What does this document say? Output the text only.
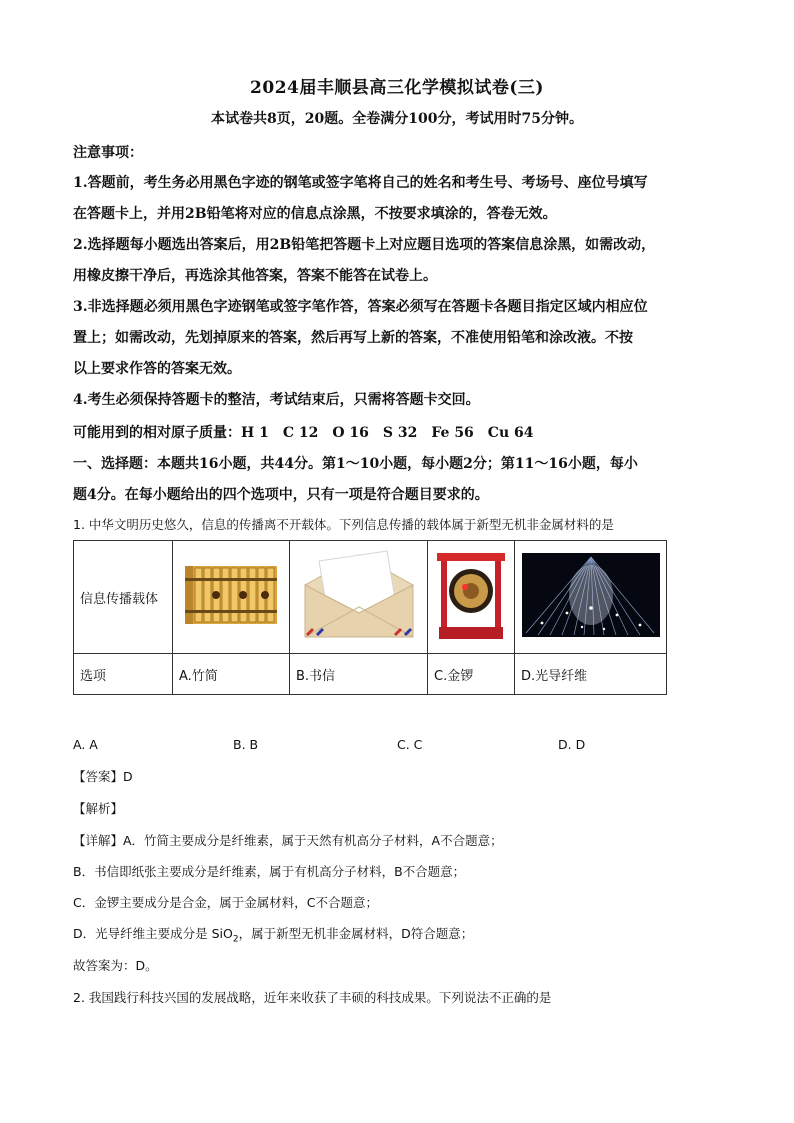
2024届丰顺县高三化学模拟试卷(三)
本试卷共8页，20题。全卷满分100分，考试用时75分钟。
注意事项：
1.答题前，考生务必用黑色字迹的钢笔或签字笔将自己的姓名和考生号、考场号、座位号填写
在答题卡上，并用2B铅笔将对应的信息点涂黑，不按要求填涂的，答卷无效。
2.选择题每小题选出答案后，用2B铅笔把答题卡上对应题目选项的答案信息涂黑，如需改动，
用橡皮擦干净后，再选涂其他答案，答案不能答在试卷上。
3.非选择题必须用黑色字迹钢笔或签字笔作答，答案必须写在答题卡各题目指定区域内相应位
置上；如需改动，先划掉原来的答案，然后再写上新的答案，不准使用铅笔和涂改液。不按
以上要求作答的答案无效。
4.考生必须保持答题卡的整洁，考试结束后，只需将答题卡交回。
可能用到的相对原子质量：H 1　C 12　O 16　S 32　Fe 56　Cu 64
一、选择题：本题共16小题，共44分。第1～10小题，每小题2分；第11～16小题，每小
题4分。在每小题给出的四个选项中，只有一项是符合题目要求的。
1. 中华文明历史悠久，信息的传播离不开载体。下列信息传播的载体属于新型无机非金属材料的是
信息传播载体				
选项	A.竹简	B.书信	C.金锣	D.光导纤维
A. A	B. B	C. C	D. D
【答案】D
【解析】
【详解】A．竹简主要成分是纤维素，属于天然有机高分子材料，A不合题意；
B．书信即纸张主要成分是纤维素，属于有机高分子材料，B不合题意；
C．金锣主要成分是合金，属于金属材料，C不合题意；
D．光导纤维主要成分是 SiO$_2$，属于新型无机非金属材料，D符合题意；
故答案为：D。
2. 我国践行科技兴国的发展战略，近年来收获了丰硕的科技成果。下列说法不正确的是
